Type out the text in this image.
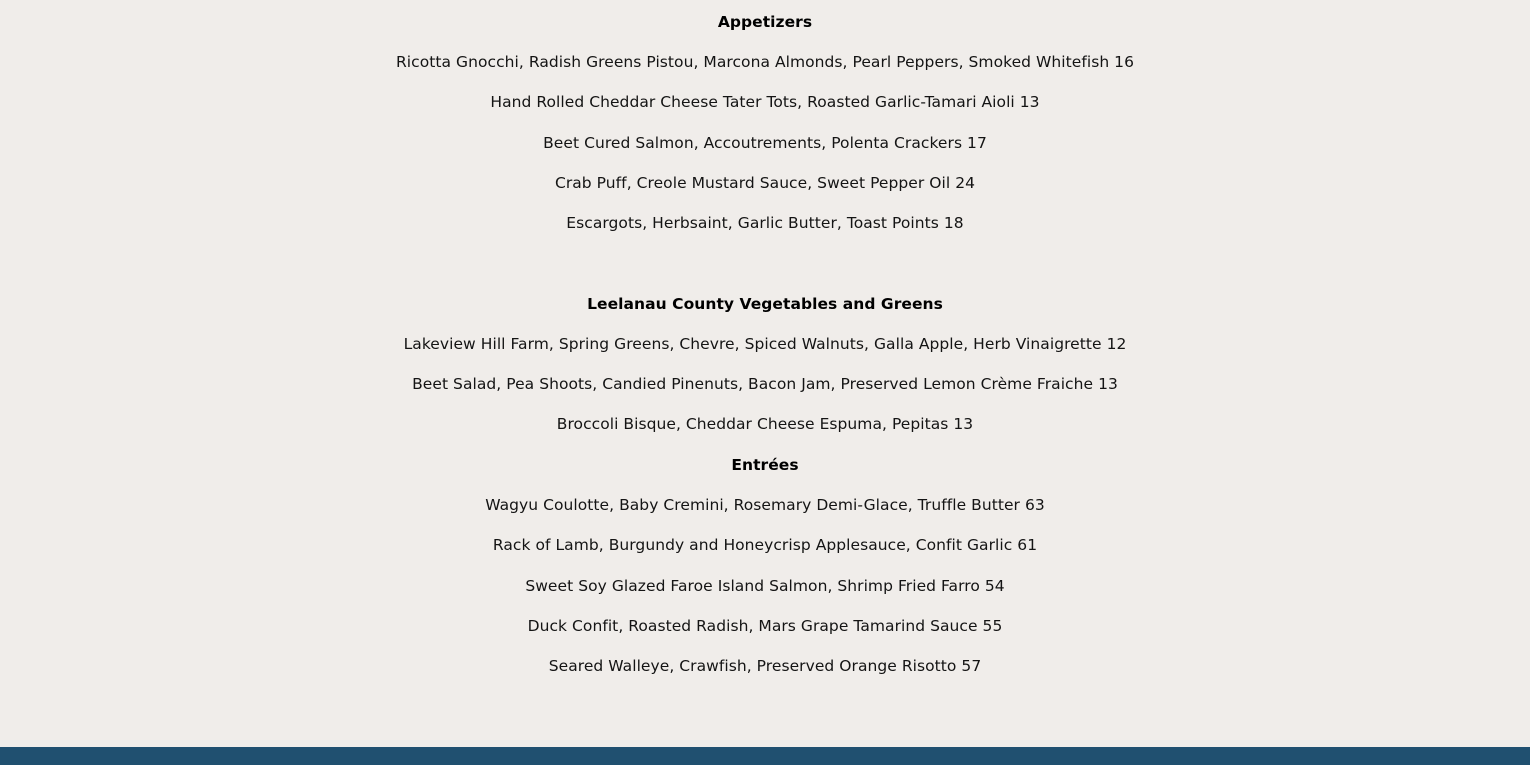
Appetizers
Ricotta Gnocchi, Radish Greens Pistou, Marcona Almonds, Pearl Peppers, Smoked Whitefish 16
Hand Rolled Cheddar Cheese Tater Tots, Roasted Garlic-Tamari Aioli 13
Beet Cured Salmon, Accoutrements, Polenta Crackers 17
Crab Puff, Creole Mustard Sauce, Sweet Pepper Oil 24
Escargots, Herbsaint, Garlic Butter, Toast Points 18
Leelanau County Vegetables and Greens
Lakeview Hill Farm, Spring Greens, Chevre, Spiced Walnuts, Galla Apple, Herb Vinaigrette 12
Beet Salad, Pea Shoots, Candied Pinenuts, Bacon Jam, Preserved Lemon Crème Fraiche 13
Broccoli Bisque, Cheddar Cheese Espuma, Pepitas 13
Entrées
Wagyu Coulotte, Baby Cremini, Rosemary Demi-Glace, Truffle Butter 63
Rack of Lamb, Burgundy and Honeycrisp Applesauce, Confit Garlic 61
Sweet Soy Glazed Faroe Island Salmon, Shrimp Fried Farro 54
Duck Confit, Roasted Radish, Mars Grape Tamarind Sauce 55
Seared Walleye, Crawfish, Preserved Orange Risotto 57
